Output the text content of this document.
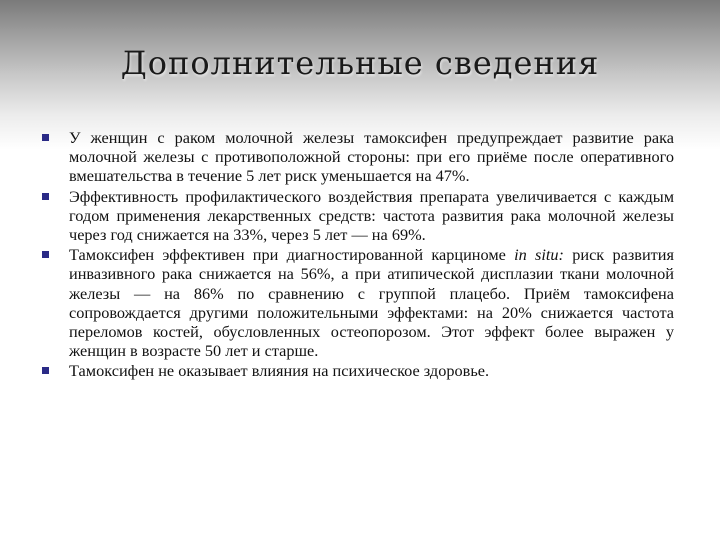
Дополнительные сведения
У женщин с раком молочной железы тамоксифен предупреждает развитие рака молочной железы с противоположной стороны: при его приёме после оперативного вмешательства в течение 5 лет риск уменьшается на 47%.
Эффективность профилактического воздействия препарата увеличивается с каждым годом применения лекарственных средств: частота развития рака молочной железы через год снижается на 33%, через 5 лет — на 69%.
Тамоксифен эффективен при диагностированной карциноме in situ: риск развития инвазивного рака снижается на 56%, а при атипической дисплазии ткани молочной железы — на 86% по сравнению с группой плацебо. Приём тамоксифена сопровождается другими положительными эффектами: на 20% снижается частота переломов костей, обусловленных остеопорозом. Этот эффект более выражен у женщин в возрасте 50 лет и старше.
Тамоксифен не оказывает влияния на психическое здоровье.
